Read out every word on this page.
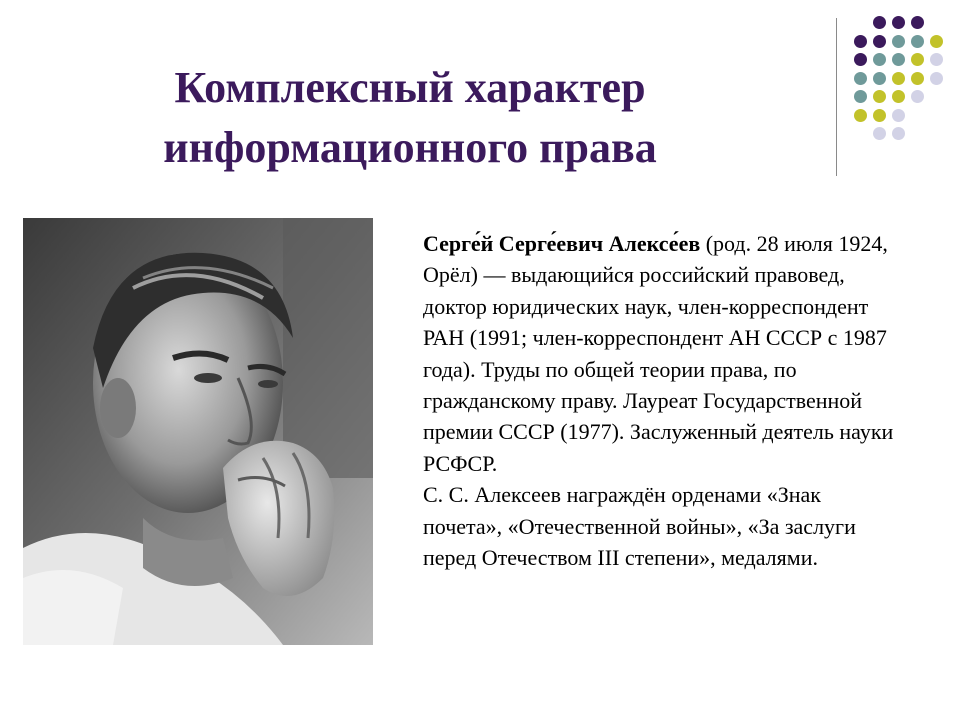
Комплексный характер
информационного права

Серге́й Серге́евич Алексе́ев (род. 28 июля 1924, Орёл) — выдающийся российский правовед, доктор юридических наук, член-корреспондент РАН (1991; член-корреспондент АН СССР с 1987 года). Труды по общей теории права, по гражданскому праву. Лауреат Государственной премии СССР (1977). Заслуженный деятель науки РСФСР.

С. С. Алексеев награждён орденами «Знак почета», «Отечественной войны», «За заслуги перед Отечеством III степени», медалями.
